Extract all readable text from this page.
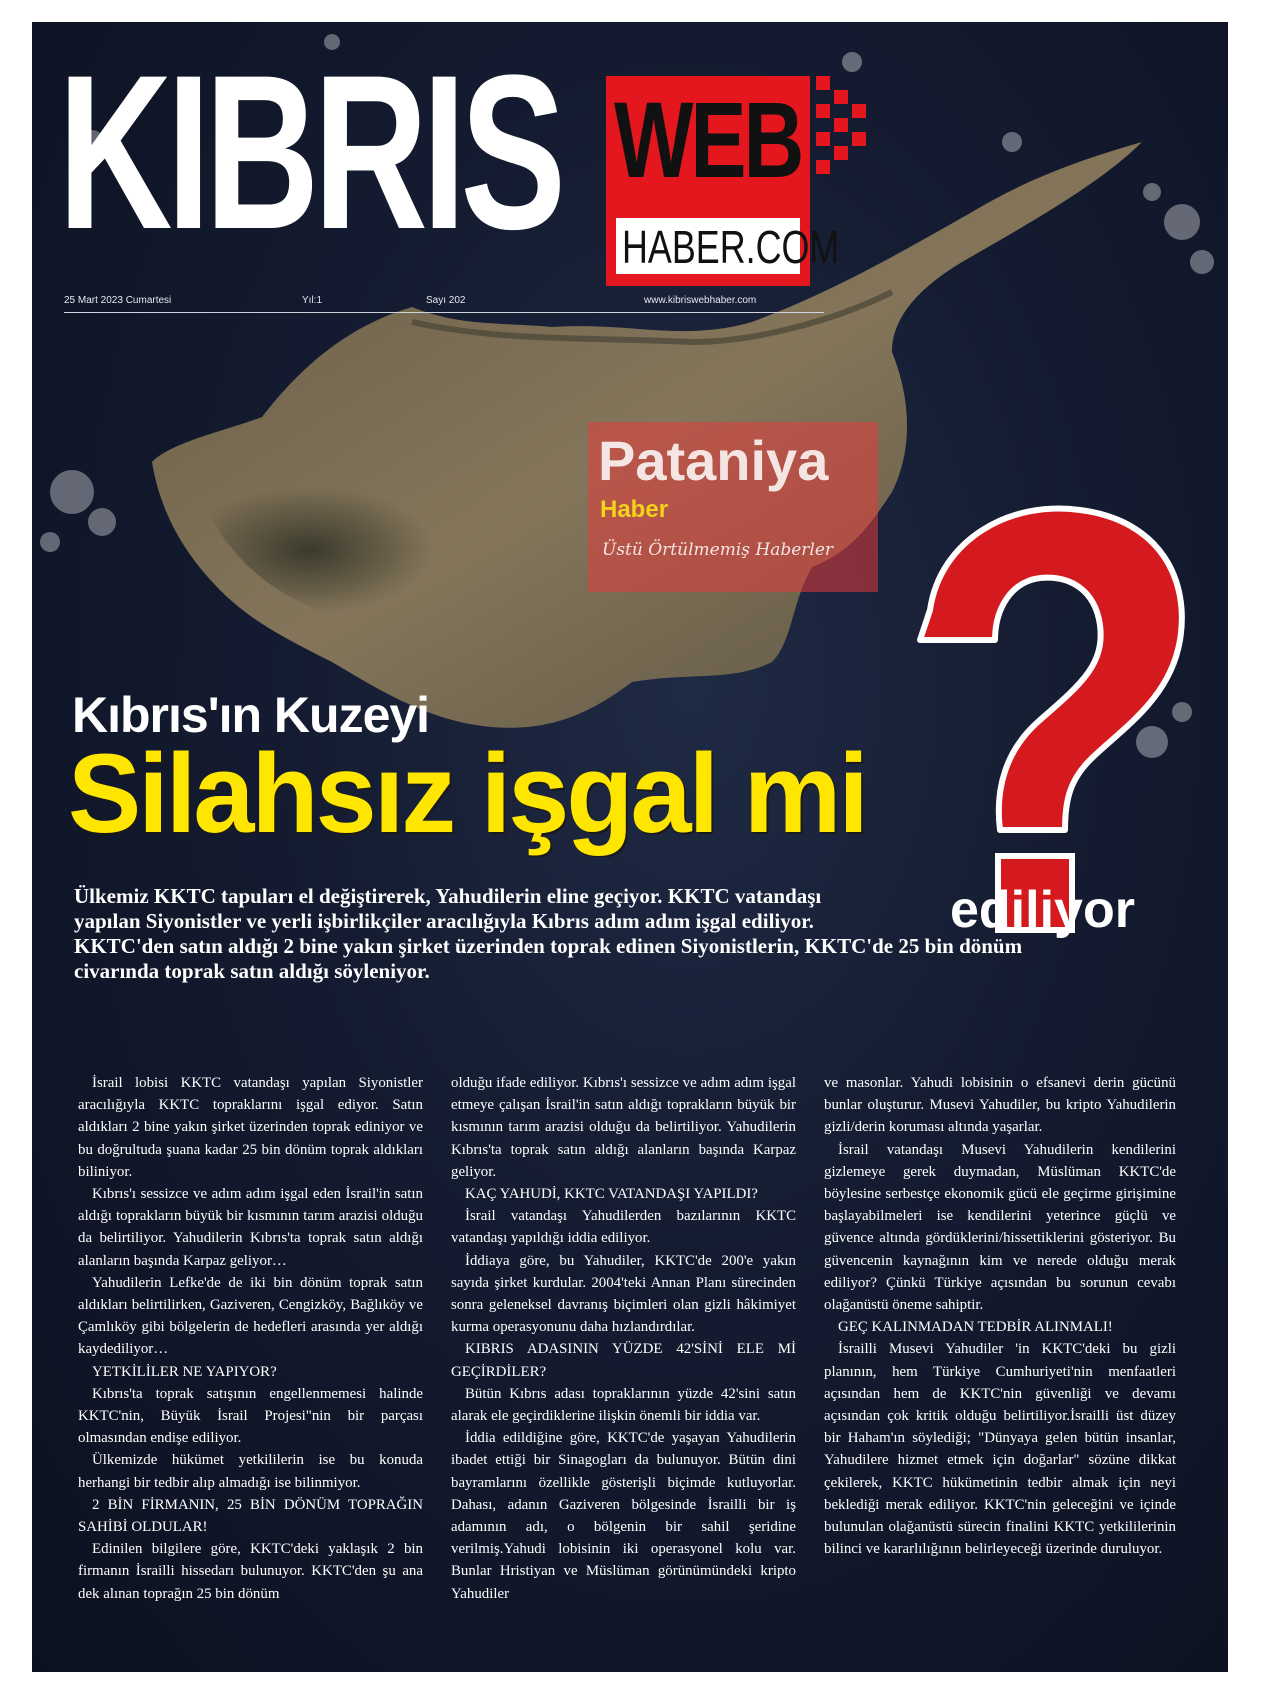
KIBRIS WEB
HABER.COM
25 Mart 2023 Cumartesi	Yıl:1	Sayı 202	www.kibriswebhaber.com
Pataniya
Haber
Üstü Örtülmemiş Haberler
Kıbrıs'ın Kuzeyi
Silahsız işgal mi
ediliyor

Ülkemiz KKTC tapuları el değiştirerek, Yahudilerin eline geçiyor. KKTC vatandaşı

yapılan Siyonistler ve yerli işbirlikçiler aracılığıyla Kıbrıs adım adım işgal ediliyor.

KKTC'den satın aldığı 2 bine yakın şirket üzerinden toprak edinen Siyonistlerin, KKTC'de 25 bin dönüm

civarında toprak satın aldığı söyleniyor.

İsrail lobisi KKTC vatandaşı yapılan Siyonistler aracılığıyla KKTC topraklarını işgal ediyor. Satın aldıkları 2 bine yakın şirket üzerinden toprak ediniyor ve bu doğrultuda şuana kadar 25 bin dönüm toprak aldıkları biliniyor.

Kıbrıs'ı sessizce ve adım adım işgal eden İsrail'in satın aldığı toprakların büyük bir kısmının tarım arazisi olduğu da belirtiliyor. Yahudilerin Kıbrıs'ta toprak satın aldığı alanların başında Karpaz geliyor…

Yahudilerin Lefke'de de iki bin dönüm toprak satın aldıkları belirtilirken, Gaziveren, Cengizköy, Bağlıköy ve Çamlıköy gibi bölgelerin de hedefleri arasında yer aldığı kaydediliyor…

YETKİLİLER NE YAPIYOR?

Kıbrıs'ta toprak satışının engellenmemesi halinde KKTC'nin, Büyük İsrail Projesi"nin bir parçası olmasından endişe ediliyor.

Ülkemizde hükümet yetkililerin ise bu konuda herhangi bir tedbir alıp almadığı ise bilinmiyor.

2 BİN FİRMANIN, 25 BİN DÖNÜM TOPRAĞIN SAHİBİ OLDULAR!

Edinilen bilgilere göre, KKTC'deki yaklaşık 2 bin firmanın İsrailli hissedarı bulunuyor. KKTC'den şu ana dek alınan toprağın 25 bin dönüm

olduğu ifade ediliyor. Kıbrıs'ı sessizce ve adım adım işgal etmeye çalışan İsrail'in satın aldığı toprakların büyük bir kısmının tarım arazisi olduğu da belirtiliyor. Yahudilerin Kıbrıs'ta toprak satın aldığı alanların başında Karpaz geliyor.

KAÇ YAHUDİ, KKTC VATANDAŞI YAPILDI?

İsrail vatandaşı Yahudilerden bazılarının KKTC vatandaşı yapıldığı iddia ediliyor.

İddiaya göre, bu Yahudiler, KKTC'de 200'e yakın sayıda şirket kurdular. 2004'teki Annan Planı sürecinden sonra geleneksel davranış biçimleri olan gizli hâkimiyet kurma operasyonunu daha hızlandırdılar.

KIBRIS ADASININ YÜZDE 42'SİNİ ELE Mİ GEÇİRDİLER?

Bütün Kıbrıs adası topraklarının yüzde 42'sini satın alarak ele geçirdiklerine ilişkin önemli bir iddia var.

İddia edildiğine göre, KKTC'de yaşayan Yahudilerin ibadet ettiği bir Sinagogları da bulunuyor. Bütün dini bayramlarını özellikle gösterişli biçimde kutluyorlar. Dahası, adanın Gaziveren bölgesinde İsrailli bir iş adamının adı, o bölgenin bir sahil şeridine verilmiş.Yahudi lobisinin iki operasyonel kolu var. Bunlar Hristiyan ve Müslüman görünümündeki kripto Yahudiler

ve masonlar. Yahudi lobisinin o efsanevi derin gücünü bunlar oluşturur. Musevi Yahudiler, bu kripto Yahudilerin gizli/derin koruması altında yaşarlar.

İsrail vatandaşı Musevi Yahudilerin kendilerini gizlemeye gerek duymadan, Müslüman KKTC'de böylesine serbestçe ekonomik gücü ele geçirme girişimine başlayabilmeleri ise kendilerini yeterince güçlü ve güvence altında gördüklerini/hissettiklerini gösteriyor. Bu güvencenin kaynağının kim ve nerede olduğu merak ediliyor? Çünkü Türkiye açısından bu sorunun cevabı olağanüstü öneme sahiptir.

GEÇ KALINMADAN TEDBİR ALINMALI!

İsrailli Musevi Yahudiler 'in KKTC'deki bu gizli planının, hem Türkiye Cumhuriyeti'nin menfaatleri açısından hem de KKTC'nin güvenliği ve devamı açısından çok kritik olduğu belirtiliyor.İsrailli üst düzey bir Haham'ın söylediği; "Dünyaya gelen bütün insanlar, Yahudilere hizmet etmek için doğarlar" sözüne dikkat çekilerek, KKTC hükümetinin tedbir almak için neyi beklediği merak ediliyor. KKTC'nin geleceğini ve içinde bulunulan olağanüstü sürecin finalini KKTC yetkililerinin bilinci ve kararlılığının belirleyeceği üzerinde duruluyor.
